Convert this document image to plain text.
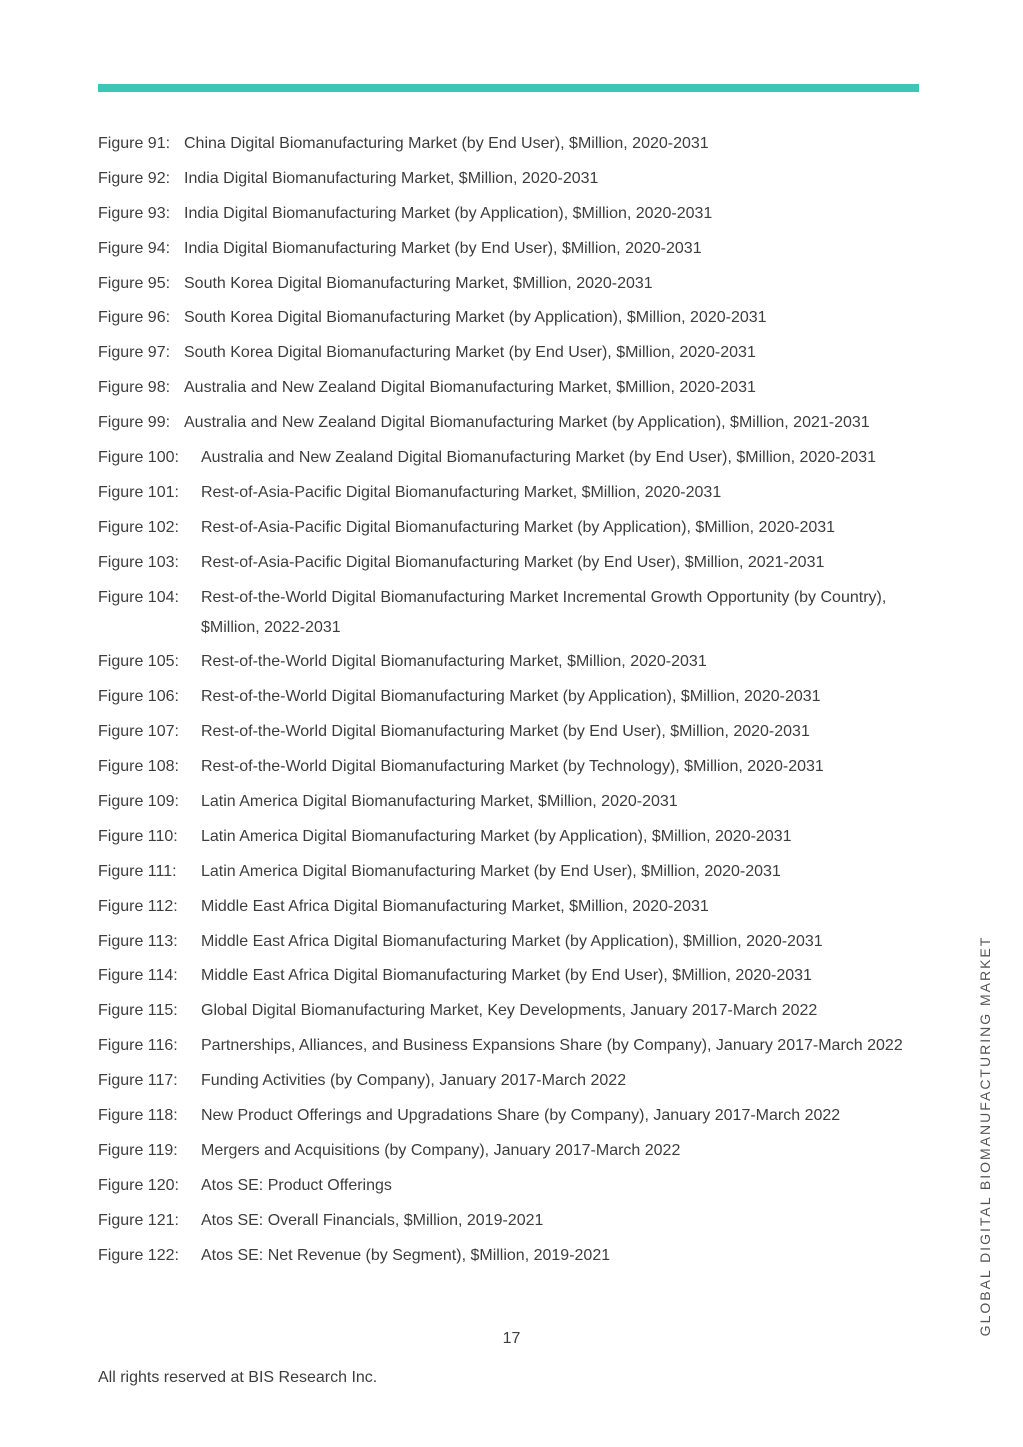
Figure 91: China Digital Biomanufacturing Market (by End User), $Million, 2020-2031
Figure 92: India Digital Biomanufacturing Market, $Million, 2020-2031
Figure 93: India Digital Biomanufacturing Market (by Application), $Million, 2020-2031
Figure 94: India Digital Biomanufacturing Market (by End User), $Million, 2020-2031
Figure 95: South Korea Digital Biomanufacturing Market, $Million, 2020-2031
Figure 96: South Korea Digital Biomanufacturing Market (by Application), $Million, 2020-2031
Figure 97: South Korea Digital Biomanufacturing Market (by End User), $Million, 2020-2031
Figure 98: Australia and New Zealand Digital Biomanufacturing Market, $Million, 2020-2031
Figure 99: Australia and New Zealand Digital Biomanufacturing Market (by Application), $Million, 2021-2031
Figure 100:	Australia and New Zealand Digital Biomanufacturing Market (by End User), $Million, 2020-2031
Figure 101:	Rest-of-Asia-Pacific Digital Biomanufacturing Market, $Million, 2020-2031
Figure 102:	Rest-of-Asia-Pacific Digital Biomanufacturing Market (by Application), $Million, 2020-2031
Figure 103:	Rest-of-Asia-Pacific Digital Biomanufacturing Market (by End User), $Million, 2021-2031
Figure 104:	Rest-of-the-World Digital Biomanufacturing Market Incremental Growth Opportunity (by Country), $Million, 2022-2031
Figure 105:	Rest-of-the-World Digital Biomanufacturing Market, $Million, 2020-2031
Figure 106:	Rest-of-the-World Digital Biomanufacturing Market (by Application), $Million, 2020-2031
Figure 107:	Rest-of-the-World Digital Biomanufacturing Market (by End User), $Million, 2020-2031
Figure 108:	Rest-of-the-World Digital Biomanufacturing Market (by Technology), $Million, 2020-2031
Figure 109:	Latin America Digital Biomanufacturing Market, $Million, 2020-2031
Figure 110:	Latin America Digital Biomanufacturing Market (by Application), $Million, 2020-2031
Figure 111:	Latin America Digital Biomanufacturing Market (by End User), $Million, 2020-2031
Figure 112:	Middle East Africa Digital Biomanufacturing Market, $Million, 2020-2031
Figure 113:	Middle East Africa Digital Biomanufacturing Market (by Application), $Million, 2020-2031
Figure 114:	Middle East Africa Digital Biomanufacturing Market (by End User), $Million, 2020-2031
Figure 115:	Global Digital Biomanufacturing Market, Key Developments, January 2017-March 2022
Figure 116:	Partnerships, Alliances, and Business Expansions Share (by Company), January 2017-March 2022
Figure 117:	Funding Activities (by Company), January 2017-March 2022
Figure 118:	New Product Offerings and Upgradations Share (by Company), January 2017-March 2022
Figure 119:	Mergers and Acquisitions (by Company), January 2017-March 2022
Figure 120:	Atos SE: Product Offerings
Figure 121:	Atos SE: Overall Financials, $Million, 2019-2021
Figure 122:	Atos SE: Net Revenue (by Segment), $Million, 2019-2021
17
All rights reserved at BIS Research Inc.
GLOBAL DIGITAL BIOMANUFACTURING MARKET
